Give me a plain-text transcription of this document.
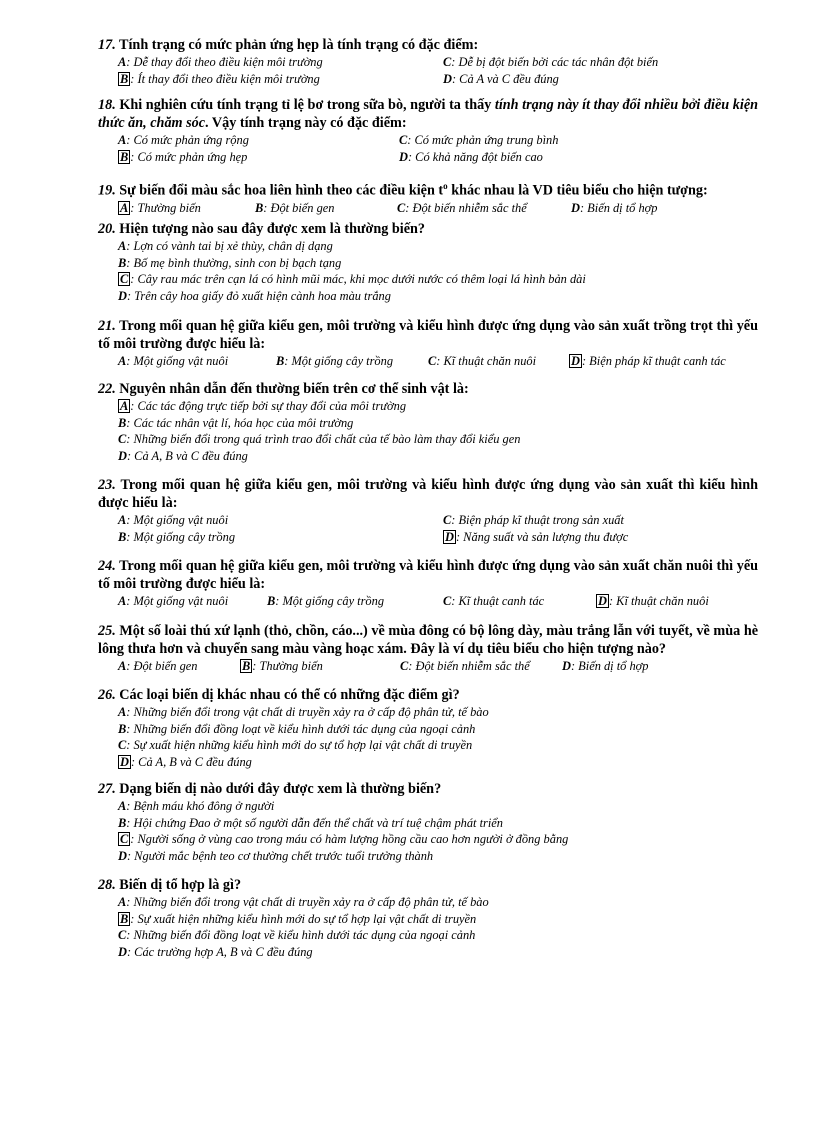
17. Tính trạng có mức phản ứng hẹp là tính trạng có đặc điểm:
A: Dễ thay đổi theo điều kiện môi trường	C: Dễ bị đột biến bởi các tác nhân đột biến
B : Ít thay đổi theo điều kiện môi trường	D: Cả A và C đều đúng
18. Khi nghiên cứu tính trạng tỉ lệ bơ trong sữa bò, người ta thấy tính trạng này ít thay đổi nhiều bởi điều kiện thức ăn, chăm sóc. Vậy tính trạng này có đặc điểm:
A: Có mức phản ứng rộng	C: Có mức phản ứng trung bình
B : Có mức phản ứng hẹp	D: Có khả năng đột biến cao
19. Sự biến đổi màu sắc hoa liên hình theo các điều kiện $t^o$ khác nhau là VD tiêu biểu cho hiện tượng:
A : Thường biến	B: Đột biến gen	C: Đột biến nhiễm sắc thể	D: Biến dị tổ hợp
20. Hiện tượng nào sau đây được xem là thường biến?
A: Lợn có vành tai bị xẻ thùy, chân dị dạng
B: Bố mẹ bình thường, sinh con bị bạch tạng
C : Cây rau mác trên cạn lá có hình mũi mác, khi mọc dưới nước có thêm loại lá hình bản dài
D: Trên cây hoa giấy đỏ xuất hiện cành hoa màu trắng
21. Trong mối quan hệ giữa kiểu gen, môi trường và kiểu hình được ứng dụng vào sản xuất trồng trọt thì yếu tố môi trường được hiểu là:
A: Một giống vật nuôi	B: Một giống cây trồng	C: Kĩ thuật chăn nuôi	D : Biện pháp kĩ thuật canh tác
22. Nguyên nhân dẫn đến thường biến trên cơ thể sinh vật là:
A : Các tác động trực tiếp bởi sự thay đổi của môi trường
B: Các tác nhân vật lí, hóa học của môi trường
C: Những biến đổi trong quá trình trao đổi chất của tế bào làm thay đổi kiểu gen
D: Cả A, B và C đều đúng
23. Trong mối quan hệ giữa kiểu gen, môi trường và kiểu hình được ứng dụng vào sản xuất thì kiểu hình được hiểu là:
A: Một giống vật nuôi	C: Biện pháp kĩ thuật trong sản xuất
B: Một giống cây trồng	D : Năng suất và sản lượng thu được
24. Trong mối quan hệ giữa kiểu gen, môi trường và kiểu hình được ứng dụng vào sản xuất chăn nuôi thì yếu tố môi trường được hiểu là:
A: Một giống vật nuôi	B: Một giống cây trồng	C: Kĩ thuật canh tác	D : Kĩ thuật chăn nuôi
25. Một số loài thú xứ lạnh (thỏ, chồn, cáo...) về mùa đông có bộ lông dày, màu trắng lẫn với tuyết, về mùa hè lông thưa hơn và chuyển sang màu vàng hoạc xám. Đây là ví dụ tiêu biểu cho hiện tượng nào?
A: Đột biến gen	B : Thường biến	C: Đột biến nhiễm sắc thể	D: Biến dị tổ hợp
26. Các loại biến dị khác nhau có thể có những đặc điểm gì?
A: Những biến đổi trong vật chất di truyền xảy ra ở cấp độ phân tử, tế bào
B: Những biến đổi đồng loạt về kiểu hình dưới tác dụng của ngoại cảnh
C: Sự xuất hiện những kiểu hình mới do sự tổ hợp lại vật chất di truyền
D : Cả A, B và C đều đúng
27. Dạng biến dị nào dưới đây được xem là thường biến?
A: Bệnh máu khó đông ở người
B: Hội chứng Đao ở một số người dẫn đến thể chất và trí tuệ chậm phát triển
C : Người sống ở vùng cao trong máu có hàm lượng hồng cầu cao hơn người ở đồng bằng
D: Người mắc bệnh teo cơ thường chết trước tuổi trưởng thành
28. Biến dị tổ hợp là gì?
A: Những biến đổi trong vật chất di truyền xảy ra ở cấp độ phân tử, tế bào
B : Sự xuất hiện những kiểu hình mới do sự tổ hợp lại vật chất di truyền
C: Những biến đổi đồng loạt về kiểu hình dưới tác dụng của ngoại cảnh
D: Các trường hợp A, B và C đều đúng
